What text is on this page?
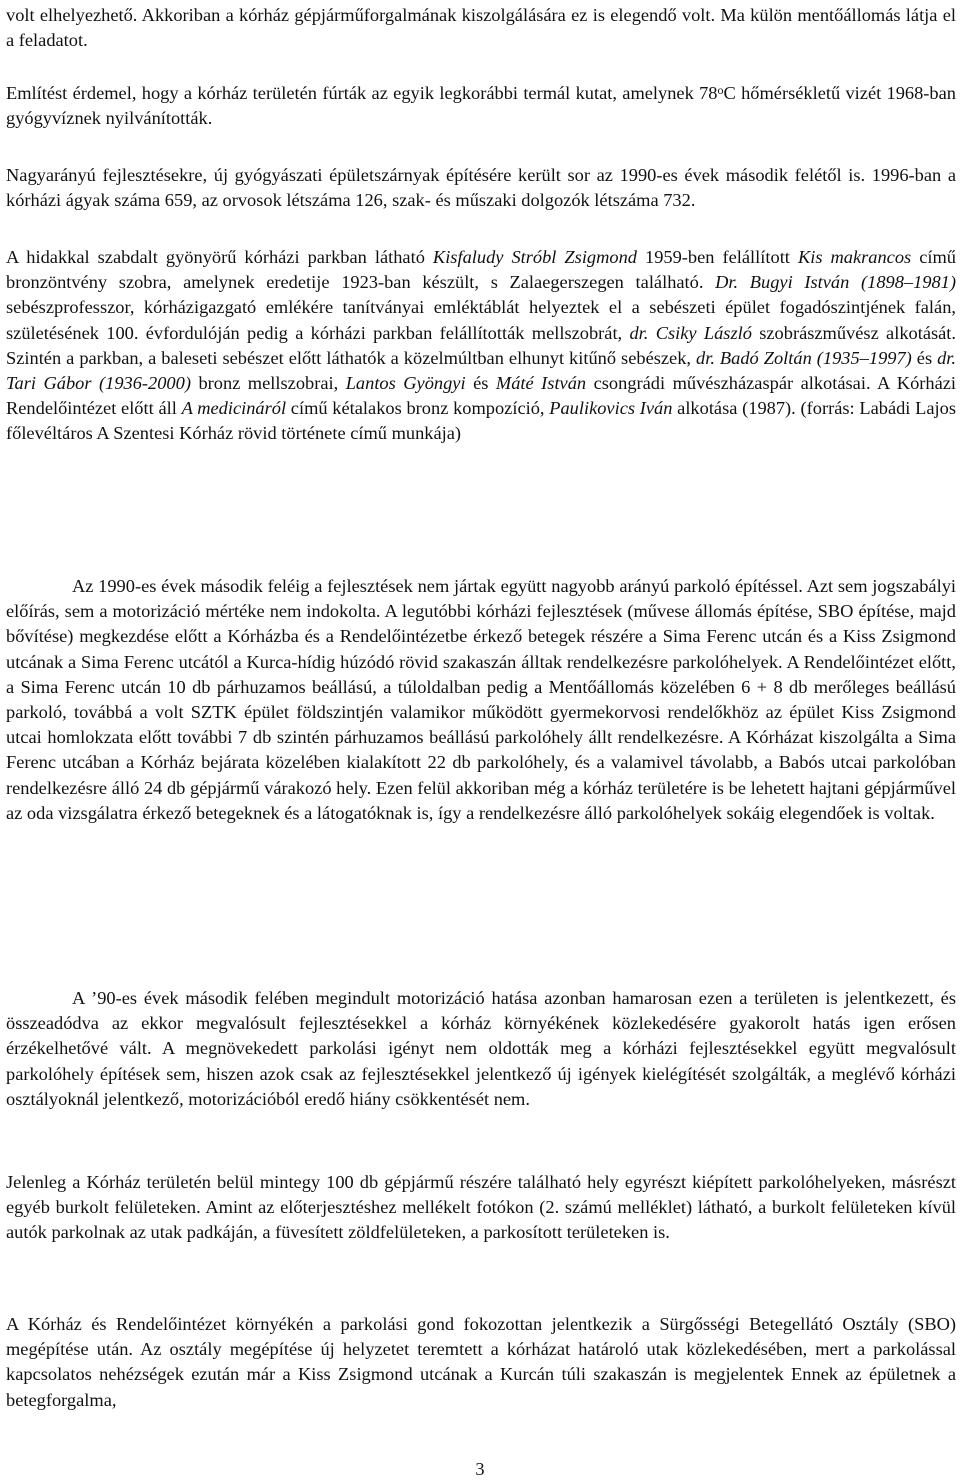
volt elhelyezhető. Akkoriban a kórház gépjárműforgalmának kiszolgálására ez is elegendő volt. Ma külön mentőállomás látja el a feladatot.

Említést érdemel, hogy a kórház területén fúrták az egyik legkorábbi termál kutat, amelynek 78$^o$C hőmérsékletű vizét 1968-ban gyógyvíznek nyilvánították.

Nagyarányú fejlesztésekre, új gyógyászati épületszárnyak építésére került sor az 1990-es évek második felétől is. 1996-ban a kórházi ágyak száma 659, az orvosok létszáma 126, szak- és műszaki dolgozók létszáma 732.

A hidakkal szabdalt gyönyörű kórházi parkban látható Kisfaludy Stróbl Zsigmond 1959-ben felállított Kis makrancos című bronzöntvény szobra, amelynek eredetije 1923-ban készült, s Zalaegerszegen található. Dr. Bugyi István (1898–1981) sebészprofesszor, kórházigazgató emlékére tanítványai emléktáblát helyeztek el a sebészeti épület fogadószintjének falán, születésének 100. évfordulóján pedig a kórházi parkban felállították mellszobrát, dr. Csiky László szobrászművész alkotását. Szintén a parkban, a baleseti sebészet előtt láthatók a közelmúltban elhunyt kitűnő sebészek, dr. Badó Zoltán (1935–1997) és dr. Tari Gábor (1936-2000) bronz mellszobrai, Lantos Gyöngyi és Máté István csongrádi művészházaspár alkotásai. A Kórházi Rendelőintézet előtt áll A medicináról című kétalakos bronz kompozíció, Paulikovics Iván alkotása (1987). (forrás: Labádi Lajos főlevéltáros A Szentesi Kórház rövid története című munkája)

Az 1990-es évek második feléig a fejlesztések nem jártak együtt nagyobb arányú parkoló építéssel. Azt sem jogszabályi előírás, sem a motorizáció mértéke nem indokolta. A legutóbbi kórházi fejlesztések (művese állomás építése, SBO építése, majd bővítése) megkezdése előtt a Kórházba és a Rendelőintézetbe érkező betegek részére a Sima Ferenc utcán és a Kiss Zsigmond utcának a Sima Ferenc utcától a Kurca-hídig húzódó rövid szakaszán álltak rendelkezésre parkolóhelyek. A Rendelőintézet előtt, a Sima Ferenc utcán 10 db párhuzamos beállású, a túloldalban pedig a Mentőállomás közelében 6 + 8 db merőleges beállású parkoló, továbbá a volt SZTK épület földszintjén valamikor működött gyermekorvosi rendelőkhöz az épület Kiss Zsigmond utcai homlokzata előtt további 7 db szintén párhuzamos beállású parkolóhely állt rendelkezésre. A Kórházat kiszolgálta a Sima Ferenc utcában a Kórház bejárata közelében kialakított 22 db parkolóhely, és a valamivel távolabb, a Babós utcai parkolóban rendelkezésre álló 24 db gépjármű várakozó hely. Ezen felül akkoriban még a kórház területére is be lehetett hajtani gépjárművel az oda vizsgálatra érkező betegeknek és a látogatóknak is, így a rendelkezésre álló parkolóhelyek sokáig elegendőek is voltak.

A ’90-es évek második felében megindult motorizáció hatása azonban hamarosan ezen a területen is jelentkezett, és összeadódva az ekkor megvalósult fejlesztésekkel a kórház környékének közlekedésére gyakorolt hatás igen erősen érzékelhetővé vált. A megnövekedett parkolási igényt nem oldották meg a kórházi fejlesztésekkel együtt megvalósult parkolóhely építések sem, hiszen azok csak az fejlesztésekkel jelentkező új igények kielégítését szolgálták, a meglévő kórházi osztályoknál jelentkező, motorizációból eredő hiány csökkentését nem.

Jelenleg a Kórház területén belül mintegy 100 db gépjármű részére található hely egyrészt kiépített parkolóhelyeken, másrészt egyéb burkolt felületeken. Amint az előterjesztéshez mellékelt fotókon (2. számú melléklet) látható, a burkolt felületeken kívül autók parkolnak az utak padkáján, a füvesített zöldfelületeken, a parkosított területeken is.

A Kórház és Rendelőintézet környékén a parkolási gond fokozottan jelentkezik a Sürgősségi Betegellátó Osztály (SBO) megépítése után. Az osztály megépítése új helyzetet teremtett a kórházat határoló utak közlekedésében, mert a parkolással kapcsolatos nehézségek ezután már a Kiss Zsigmond utcának a Kurcán túli szakaszán is megjelentek Ennek az épületnek a betegforgalma,

3
